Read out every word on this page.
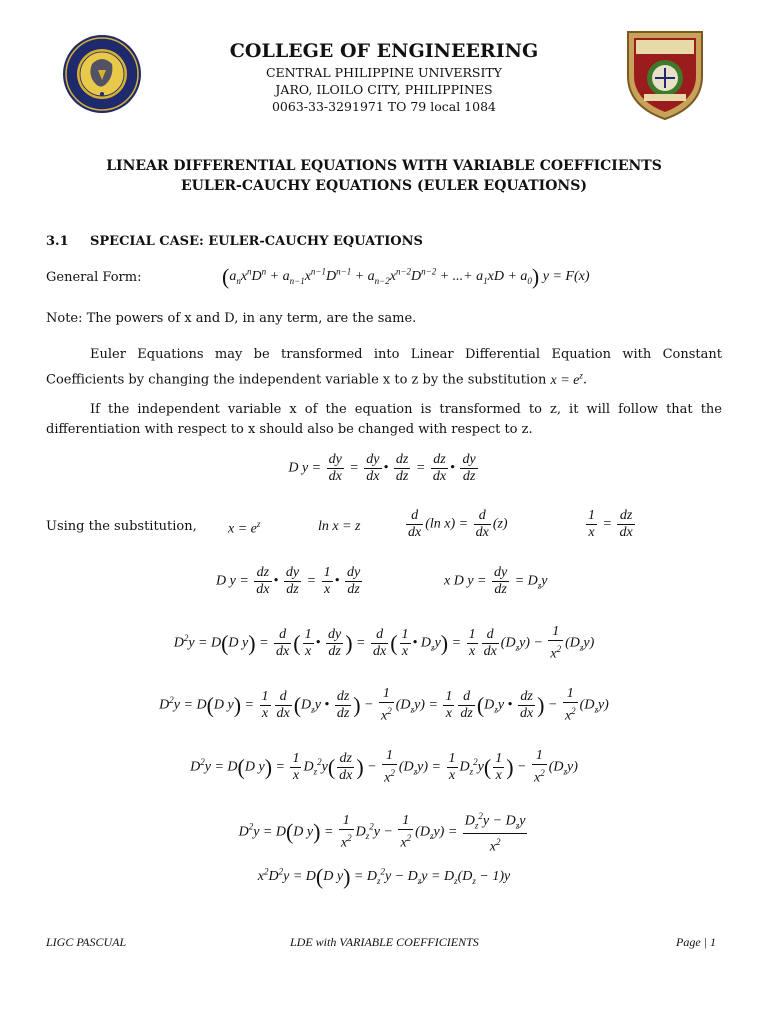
COLLEGE OF ENGINEERING
CENTRAL PHILIPPINE UNIVERSITY
JARO, ILOILO CITY, PHILIPPINES
0063-33-3291971 TO 79 local 1084
LINEAR DIFFERENTIAL EQUATIONS WITH VARIABLE COEFFICIENTS
EULER-CAUCHY EQUATIONS (EULER EQUATIONS)
3.1 SPECIAL CASE: EULER-CAUCHY EQUATIONS
General Form:	($a_nx^nD^n + a_{n-1}x^{n-1}D^{n-1} + a_{n-2}x^{n-2}D^{n-2}$ + ...+ $a_1xD + a_0$) y = F(x)
Note: The powers of x and D, in any term, are the same.
Euler Equations may be transformed into Linear Differential Equation with Constant Coefficients by changing the independent variable x to z by the substitution $x = e^z$.
If the independent variable x of the equation is transformed to z, it will follow that the differentiation with respect to x should also be changed with respect to z.
D $y = \frac{dy}{dx} = \frac{dy}{dx}$ • $\frac{dz}{dz} = \frac{dz}{dx}$ • $\frac{dy}{dz}$
Using the substitution, $x = e^z$	ln x = z	$\frac{d}{dx} (\ln$ $x) = \frac{d}{dx} (z)$	$\frac{1}{x} = \frac{dz}{dx}$
D $y = \frac{dz}{dx}$ • $\frac{dy}{dz} = \frac{1}{x}$ • $\frac{dy}{dz}$	x D $y = \frac{dy}{dz} = D_zy$
$D^2y = D(D$ $y) = \frac{d}{dx}$ ( $\frac{1}{x}$ • $\frac{dy}{dz}$ ) = $\frac{d}{dx}$ ( $\frac{1}{x}$ • $D_zy) = \frac{1}{x} \frac{d}{dx} (D_zy) - \frac{1}{x^2} (D_zy)$
$D^2y = D(D$ $y) = \frac{1}{x} \frac{d}{dx} (D_zy$ • $\frac{dz}{dz}$ ) − $\frac{1}{x^2} (D_zy) = \frac{1}{x} \frac{d}{dz} (D_zy$ • $\frac{dz}{dx}$ ) − $\frac{1}{x^2} (D_zy)$
$D^2y = D(D$ $y) = \frac{1}{x} D_z^2y( \frac{dz}{dx}$ ) − $\frac{1}{x^2} (D_zy) = \frac{1}{x} D_z^2y( \frac{1}{x}$ ) − $\frac{1}{x^2} (D_zy)$
$D^2y = D(D$ $y) = \frac{1}{x^2} D_z^2y - \frac{1}{x^2} (D_zy) = \frac{D_z^2y - D_zy}{x^2}$
$x^2D^2y = D(D$ $y) = D_z^2y - D_zy = D_z(D_z - 1)y$
LIGC PASCUAL	LDE with VARIABLE COEFFICIENTS	Page | 1
